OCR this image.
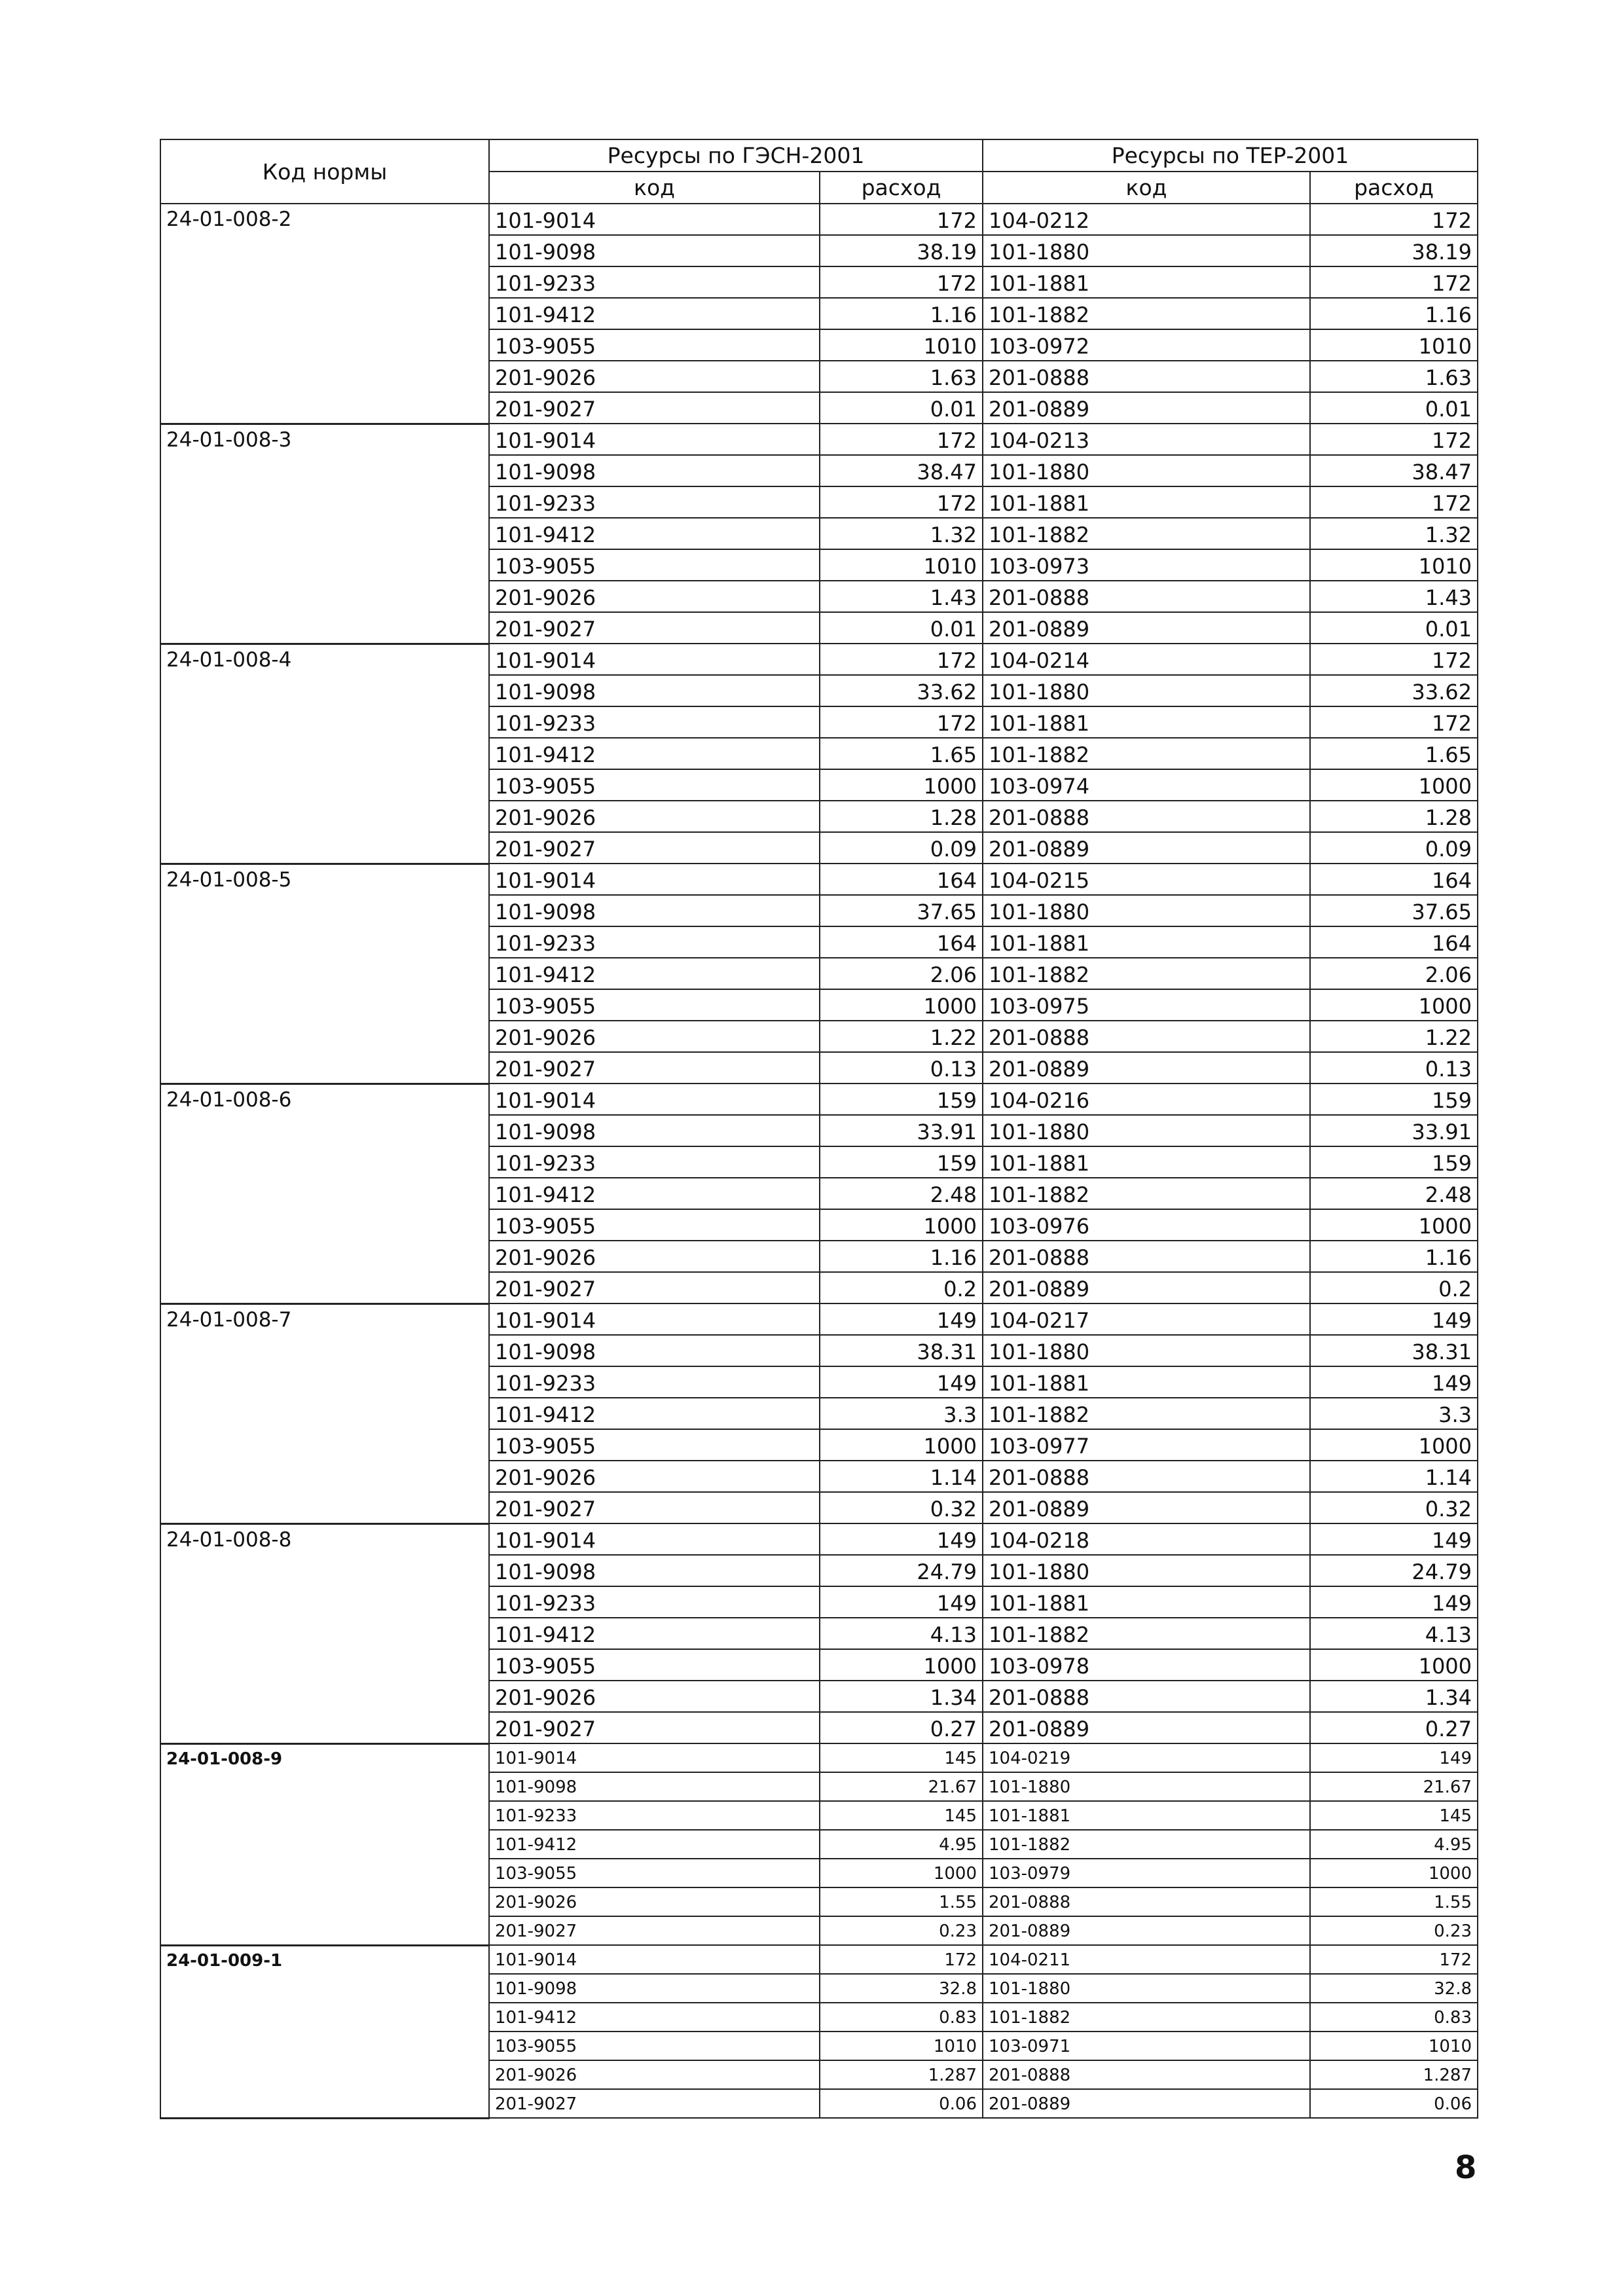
Код нормы	Ресурсы по ГЭСН-2001		Ресурсы по ТЕР-2001	
	код	расход	код	расход
24-01-008-2	101-9014	172	104-0212	172
	101-9098	38.19	101-1880	38.19
	101-9233	172	101-1881	172
	101-9412	1.16	101-1882	1.16
	103-9055	1010	103-0972	1010
	201-9026	1.63	201-0888	1.63
	201-9027	0.01	201-0889	0.01
24-01-008-3	101-9014	172	104-0213	172
	101-9098	38.47	101-1880	38.47
	101-9233	172	101-1881	172
	101-9412	1.32	101-1882	1.32
	103-9055	1010	103-0973	1010
	201-9026	1.43	201-0888	1.43
	201-9027	0.01	201-0889	0.01
24-01-008-4	101-9014	172	104-0214	172
	101-9098	33.62	101-1880	33.62
	101-9233	172	101-1881	172
	101-9412	1.65	101-1882	1.65
	103-9055	1000	103-0974	1000
	201-9026	1.28	201-0888	1.28
	201-9027	0.09	201-0889	0.09
24-01-008-5	101-9014	164	104-0215	164
	101-9098	37.65	101-1880	37.65
	101-9233	164	101-1881	164
	101-9412	2.06	101-1882	2.06
	103-9055	1000	103-0975	1000
	201-9026	1.22	201-0888	1.22
	201-9027	0.13	201-0889	0.13
24-01-008-6	101-9014	159	104-0216	159
	101-9098	33.91	101-1880	33.91
	101-9233	159	101-1881	159
	101-9412	2.48	101-1882	2.48
	103-9055	1000	103-0976	1000
	201-9026	1.16	201-0888	1.16
	201-9027	0.2	201-0889	0.2
24-01-008-7	101-9014	149	104-0217	149
	101-9098	38.31	101-1880	38.31
	101-9233	149	101-1881	149
	101-9412	3.3	101-1882	3.3
	103-9055	1000	103-0977	1000
	201-9026	1.14	201-0888	1.14
	201-9027	0.32	201-0889	0.32
24-01-008-8	101-9014	149	104-0218	149
	101-9098	24.79	101-1880	24.79
	101-9233	149	101-1881	149
	101-9412	4.13	101-1882	4.13
	103-9055	1000	103-0978	1000
	201-9026	1.34	201-0888	1.34
	201-9027	0.27	201-0889	0.27
24-01-008-9	101-9014	145	104-0219	149
	101-9098	21.67	101-1880	21.67
	101-9233	145	101-1881	145
	101-9412	4.95	101-1882	4.95
	103-9055	1000	103-0979	1000
	201-9026	1.55	201-0888	1.55
	201-9027	0.23	201-0889	0.23
24-01-009-1	101-9014	172	104-0211	172
	101-9098	32.8	101-1880	32.8
	101-9412	0.83	101-1882	0.83
	103-9055	1010	103-0971	1010
	201-9026	1.287	201-0888	1.287
	201-9027	0.06	201-0889	0.06
8
